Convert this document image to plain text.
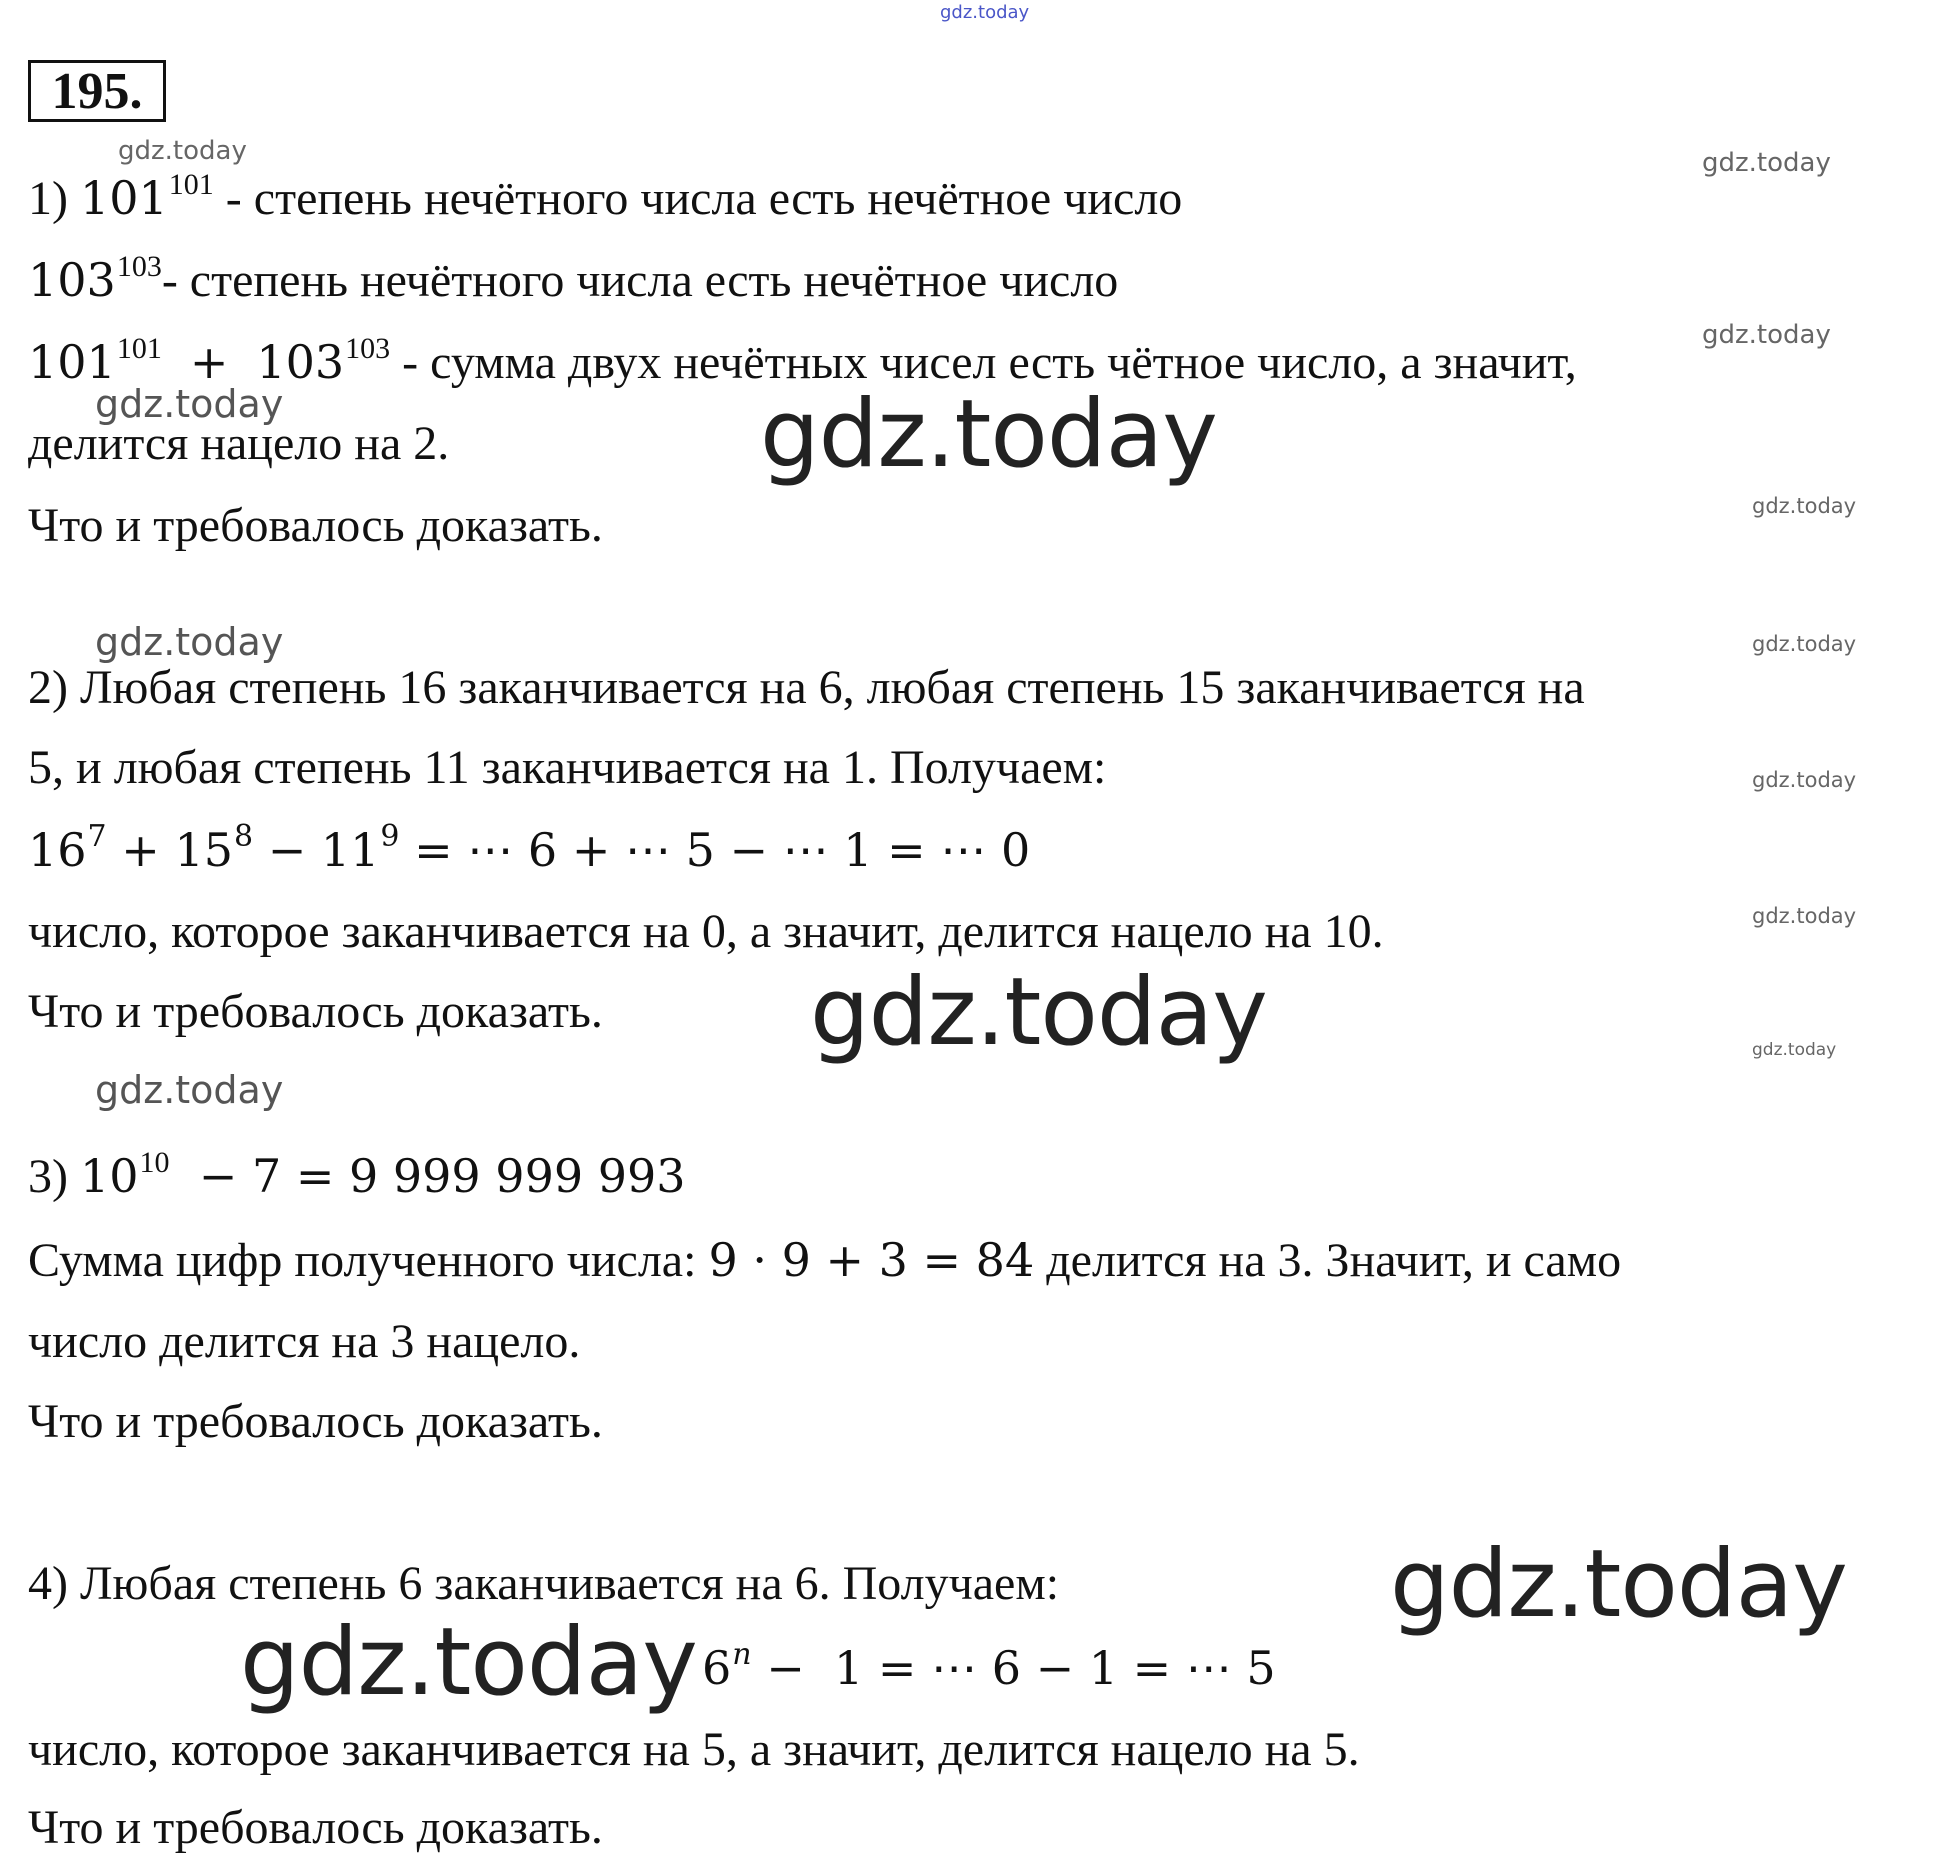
gdz.today
gdz.today	gdz.today
gdz.today
gdz.today	gdz.today
gdz.today
gdz.today	gdz.today
gdz.today
gdz.today
gdz.today	gdz.today
gdz.today
gdz.today
gdz.today
195.
1) $101^{101}$ - степень нечётного числа есть нечётное число
$103^{103}-$ степень нечётного числа есть нечётное число
$101^{101} + 103^{103}$ - сумма двух нечётных чисел есть чётное число, а значит,
делится нацело на 2.
Что и требовалось доказать.
2) Любая степень 16 заканчивается на 6, любая степень 15 заканчивается на
5, и любая степень 11 заканчивается на 1. Получаем:
$16^7 + 15^8 - 11^9$ = ⋯ 6 + ⋯ 5 − ⋯ 1 = ⋯ 0
число, которое заканчивается на 0, а значит, делится нацело на 10.
Что и требовалось доказать.
3) $10^{10} - 7 = 9$ 999 999 993
Сумма цифр полученного числа: 9 · 9 + 3 = 84 делится на 3. Значит, и само
число делится на 3 нацело.
Что и требовалось доказать.
4) Любая степень 6 заканчивается на 6. Получаем:
$6^n - 1$ = ⋯ 6 − 1 = ⋯ 5
число, которое заканчивается на 5, а значит, делится нацело на 5.
Что и требовалось доказать.
